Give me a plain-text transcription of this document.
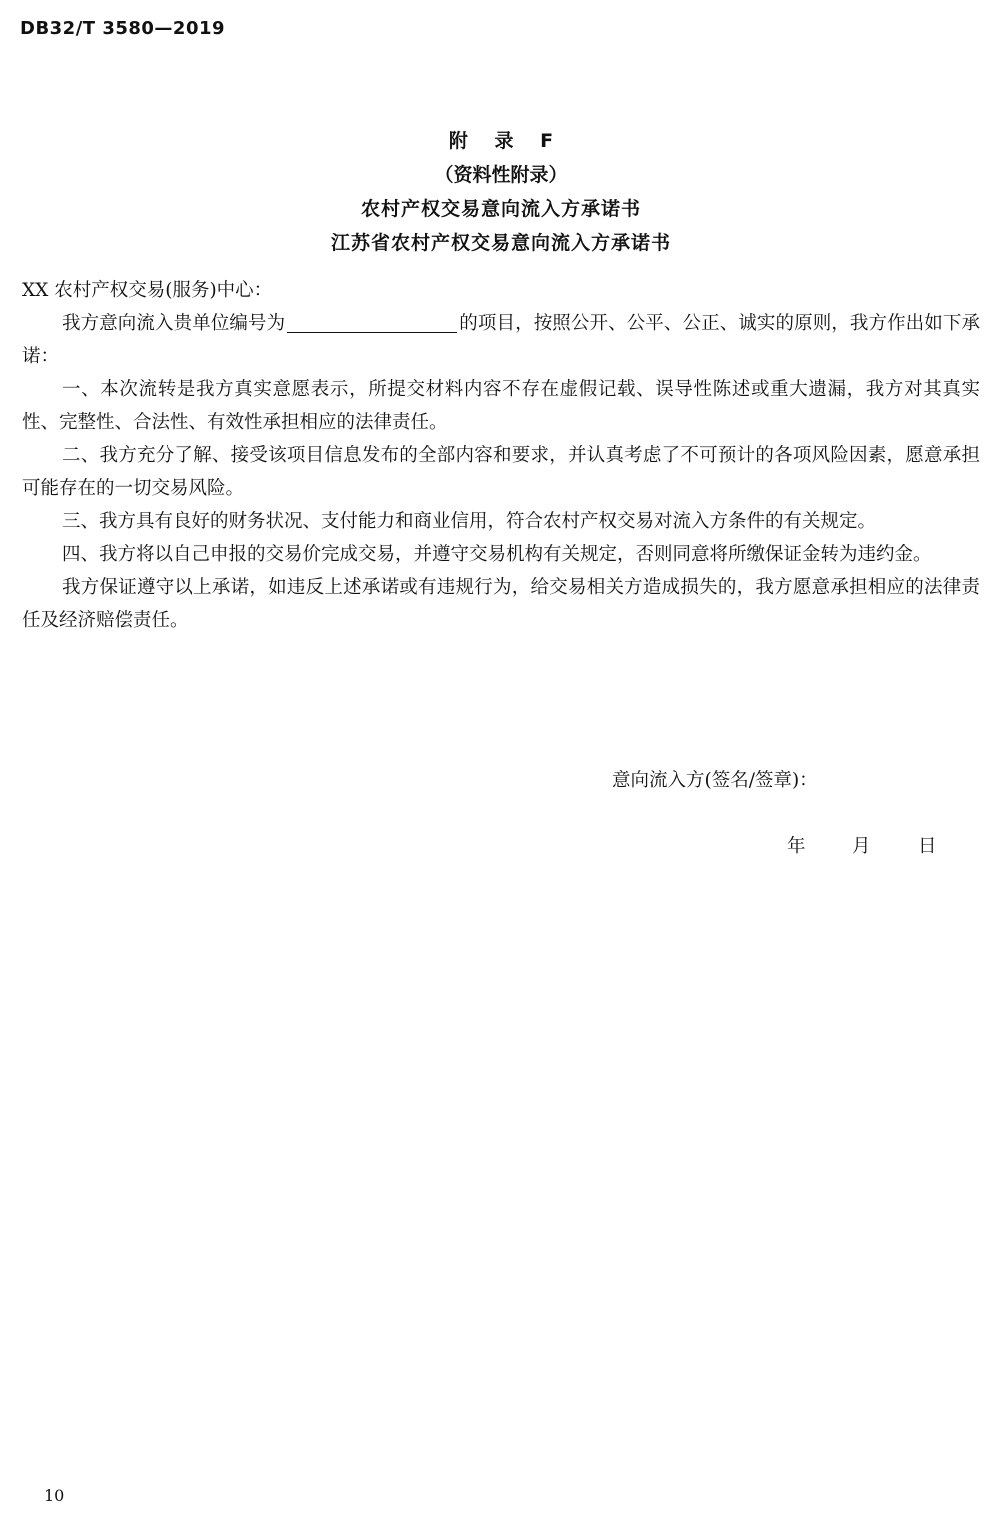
DB32/T 3580—2019
附 录 F
（资料性附录）
农村产权交易意向流入方承诺书
江苏省农村产权交易意向流入方承诺书

XX 农村产权交易(服务)中心：

我方意向流入贵单位编号为	的项目，按照公开、公平、公正、诚实的原则，我方作出如下承诺：

一、本次流转是我方真实意愿表示，所提交材料内容不存在虚假记载、误导性陈述或重大遗漏，我方对其真实性、完整性、合法性、有效性承担相应的法律责任。

二、我方充分了解、接受该项目信息发布的全部内容和要求，并认真考虑了不可预计的各项风险因素，愿意承担可能存在的一切交易风险。

三、我方具有良好的财务状况、支付能力和商业信用，符合农村产权交易对流入方条件的有关规定。

四、我方将以自己申报的交易价完成交易，并遵守交易机构有关规定，否则同意将所缴保证金转为违约金。

我方保证遵守以上承诺，如违反上述承诺或有违规行为，给交易相关方造成损失的，我方愿意承担相应的法律责任及经济赔偿责任。

意向流入方(签名/签章)：
年	月	日
10
